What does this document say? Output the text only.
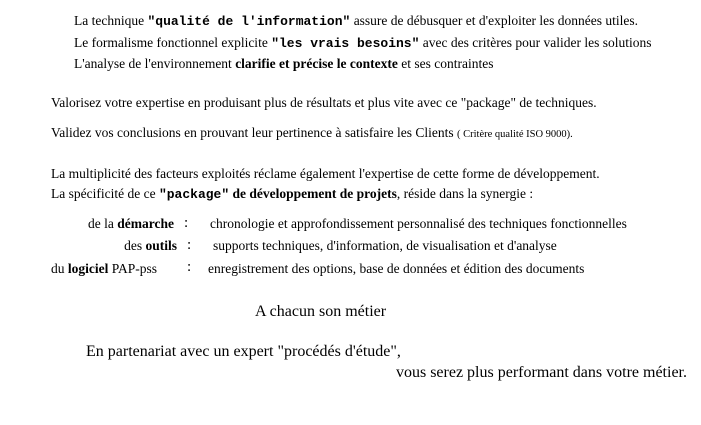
La technique "qualité de l'information" assure de débusquer et d'exploiter les données utiles.
Le formalisme fonctionnel explicite "les vrais besoins" avec des critères pour valider les solutions
L'analyse de l'environnement clarifie et précise le contexte et ses contraintes
Valorisez votre expertise en produisant plus de résultats et plus vite avec ce "package" de techniques.
Validez vos conclusions en prouvant leur pertinence à satisfaire les Clients ( Critère qualité ISO 9000).
La multiplicité des facteurs exploités réclame également l'expertise de cette forme de développement.
La spécificité de ce "package" de développement de projets, réside dans la synergie :
de la démarche : chronologie et approfondissement personnalisé des techniques fonctionnelles
des outils : supports techniques, d'information, de visualisation et d'analyse
du logiciel PAP-pss : enregistrement des options, base de données et édition des documents
A chacun son métier
En partenariat avec un expert "procédés d'étude",
vous serez plus performant dans votre métier.
